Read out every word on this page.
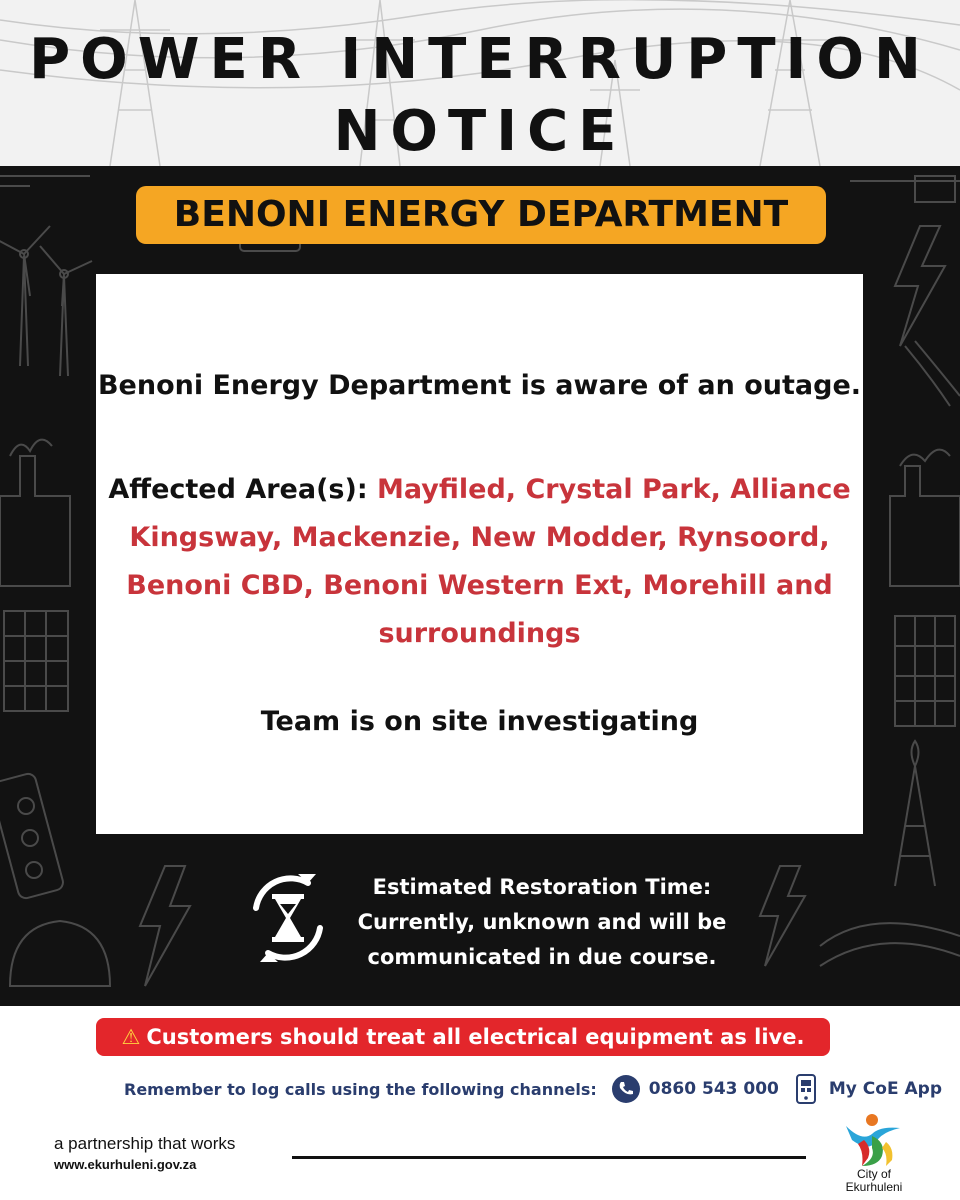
POWER INTERRUPTION
NOTICE
BENONI ENERGY DEPARTMENT
Benoni Energy Department is aware of an outage.
Affected Area(s): Mayfiled, Crystal Park, Alliance Kingsway, Mackenzie, New Modder, Rynsoord, Benoni CBD, Benoni Western Ext, Morehill and surroundings
Team is on site investigating
Estimated Restoration Time:
Currently, unknown and will be
communicated in due course.
⚠ Customers should treat all electrical equipment as live.
Remember to log calls using the following channels:	0860 543 000	My CoE App
a partnership that works
www.ekurhuleni.gov.za
City of
Ekurhuleni
